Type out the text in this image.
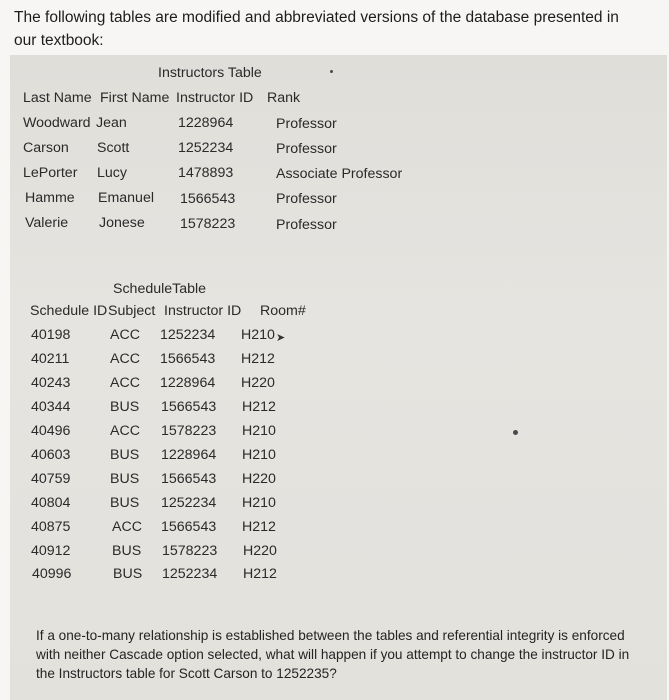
The following tables are modified and abbreviated versions of the database presented in our textbook:
Instructors Table
Last Name First Name Instructor ID Rank
Woodward Jean	1228964	Professor
Carson Scott	1252234	Professor
LePorter Lucy	1478893	Associate Professor
Hamme Emanuel 1566543	Professor
Valerie Jonese 1578223	Professor
ScheduleTable
Schedule ID Subject Instructor ID Room#
40198	ACC 1252234 H210
40211	ACC 1566543 H212
40243	ACC 1228964 H220
40344	BUS 1566543 H212
40496	ACC 1578223 H210
40603	BUS 1228964 H210
40759	BUS 1566543 H220
40804	BUS 1252234 H210
40875	ACC 1566543 H212
40912	BUS 1578223 H220
40996	BUS 1252234 H212
➤
If a one-to-many relationship is established between the tables and referential integrity is enforced with neither Cascade option selected, what will happen if you attempt to change the instructor ID in the Instructors table for Scott Carson to 1252235?
